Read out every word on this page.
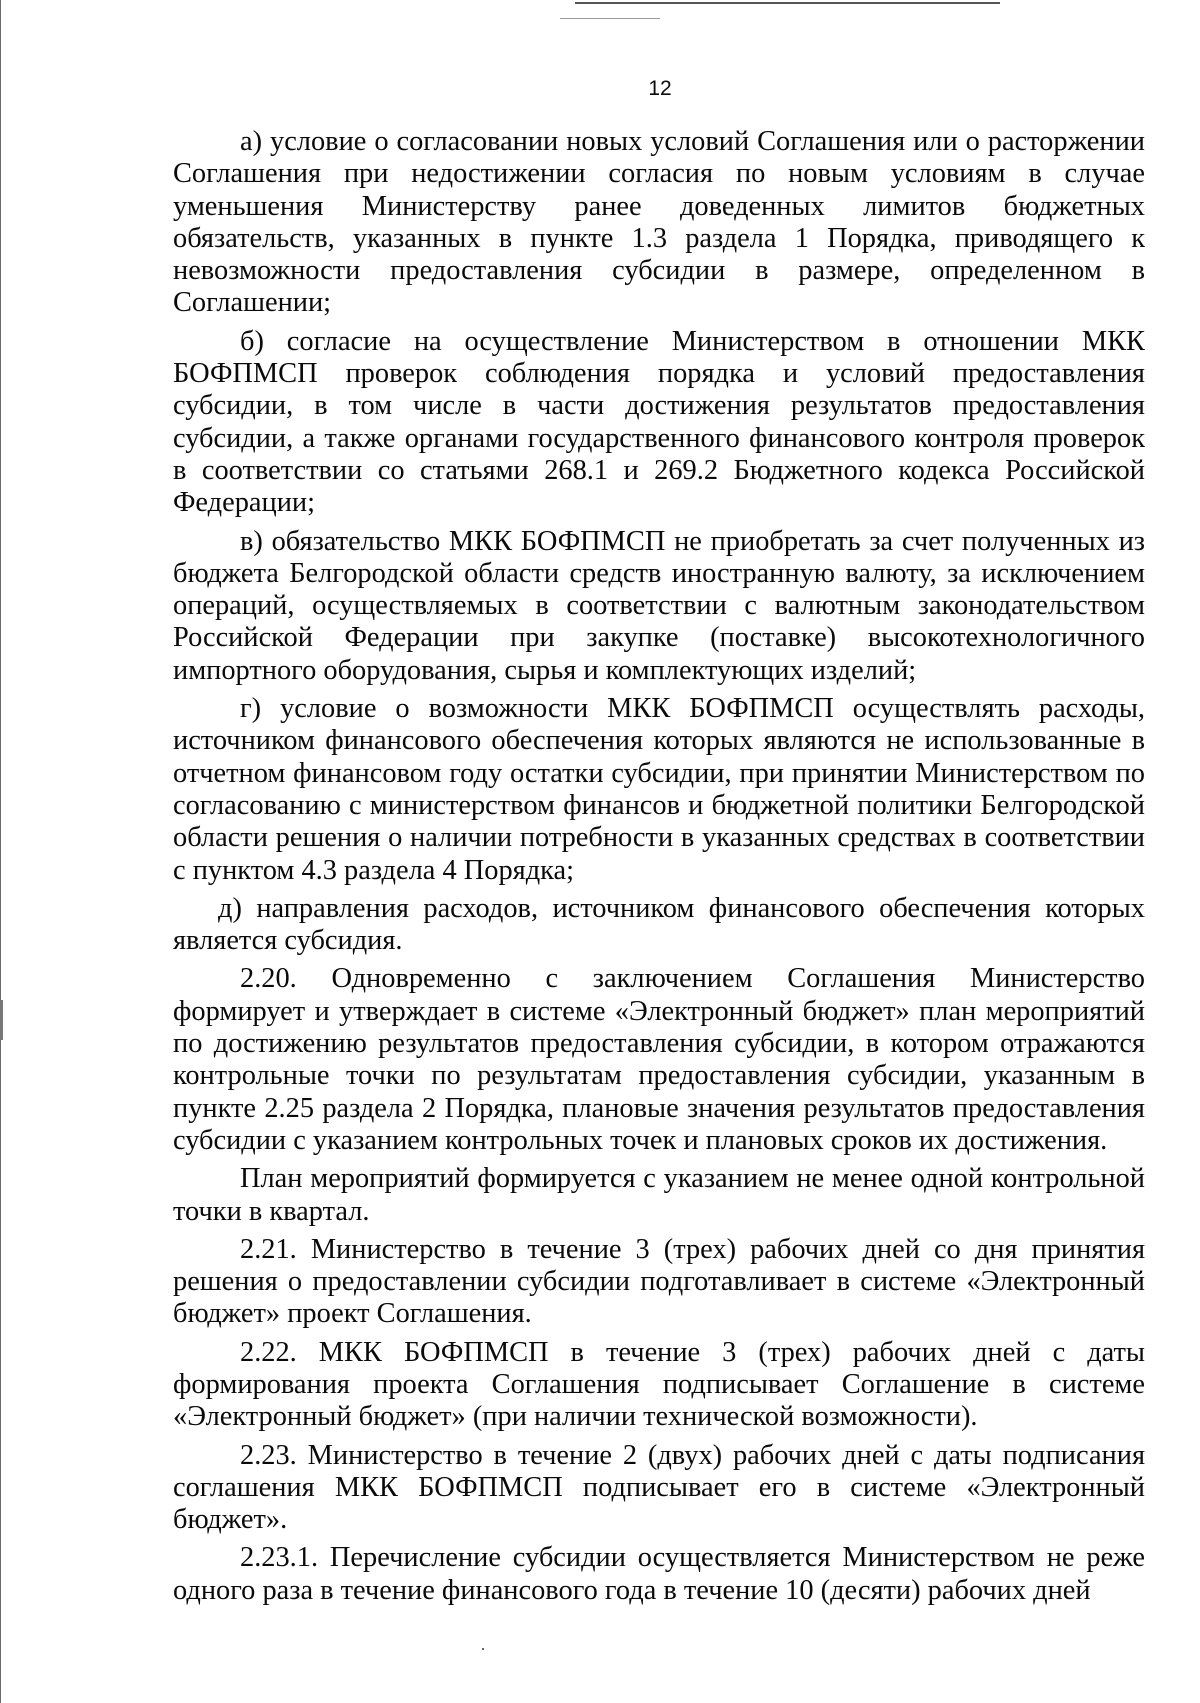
12

а) условие о согласовании новых условий Соглашения или о расторжении Соглашения при недостижении согласия по новым условиям в случае уменьшения Министерству ранее доведенных лимитов бюджетных обязательств, указанных в пункте 1.3 раздела 1 Порядка, приводящего к невозможности предоставления субсидии в размере, определенном в Соглашении;

б) согласие на осуществление Министерством в отношении МКК БОФПМСП проверок соблюдения порядка и условий предоставления субсидии, в том числе в части достижения результатов предоставления субсидии, а также органами государственного финансового контроля проверок в соответствии со статьями 268.1 и 269.2 Бюджетного кодекса Российской Федерации;

в) обязательство МКК БОФПМСП не приобретать за счет полученных из бюджета Белгородской области средств иностранную валюту, за исключением операций, осуществляемых в соответствии с валютным законодательством Российской Федерации при закупке (поставке) высокотехнологичного импортного оборудования, сырья и комплектующих изделий;

г) условие о возможности МКК БОФПМСП осуществлять расходы, источником финансового обеспечения которых являются не использованные в отчетном финансовом году остатки субсидии, при принятии Министерством по согласованию с министерством финансов и бюджетной политики Белгородской области решения о наличии потребности в указанных средствах в соответствии с пунктом 4.3 раздела 4 Порядка;

д) направления расходов, источником финансового обеспечения которых является субсидия.

2.20. Одновременно с заключением Соглашения Министерство формирует и утверждает в системе «Электронный бюджет» план мероприятий по достижению результатов предоставления субсидии, в котором отражаются контрольные точки по результатам предоставления субсидии, указанным в пункте 2.25 раздела 2 Порядка, плановые значения результатов предоставления субсидии с указанием контрольных точек и плановых сроков их достижения.

План мероприятий формируется с указанием не менее одной контрольной точки в квартал.

2.21. Министерство в течение 3 (трех) рабочих дней со дня принятия решения о предоставлении субсидии подготавливает в системе «Электронный бюджет» проект Соглашения.

2.22. МКК БОФПМСП в течение 3 (трех) рабочих дней с даты формирования проекта Соглашения подписывает Соглашение в системе «Электронный бюджет» (при наличии технической возможности).

2.23. Министерство в течение 2 (двух) рабочих дней с даты подписания соглашения МКК БОФПМСП подписывает его в системе «Электронный бюджет».

2.23.1. Перечисление субсидии осуществляется Министерством не реже одного раза в течение финансового года в течение 10 (десяти) рабочих дней
